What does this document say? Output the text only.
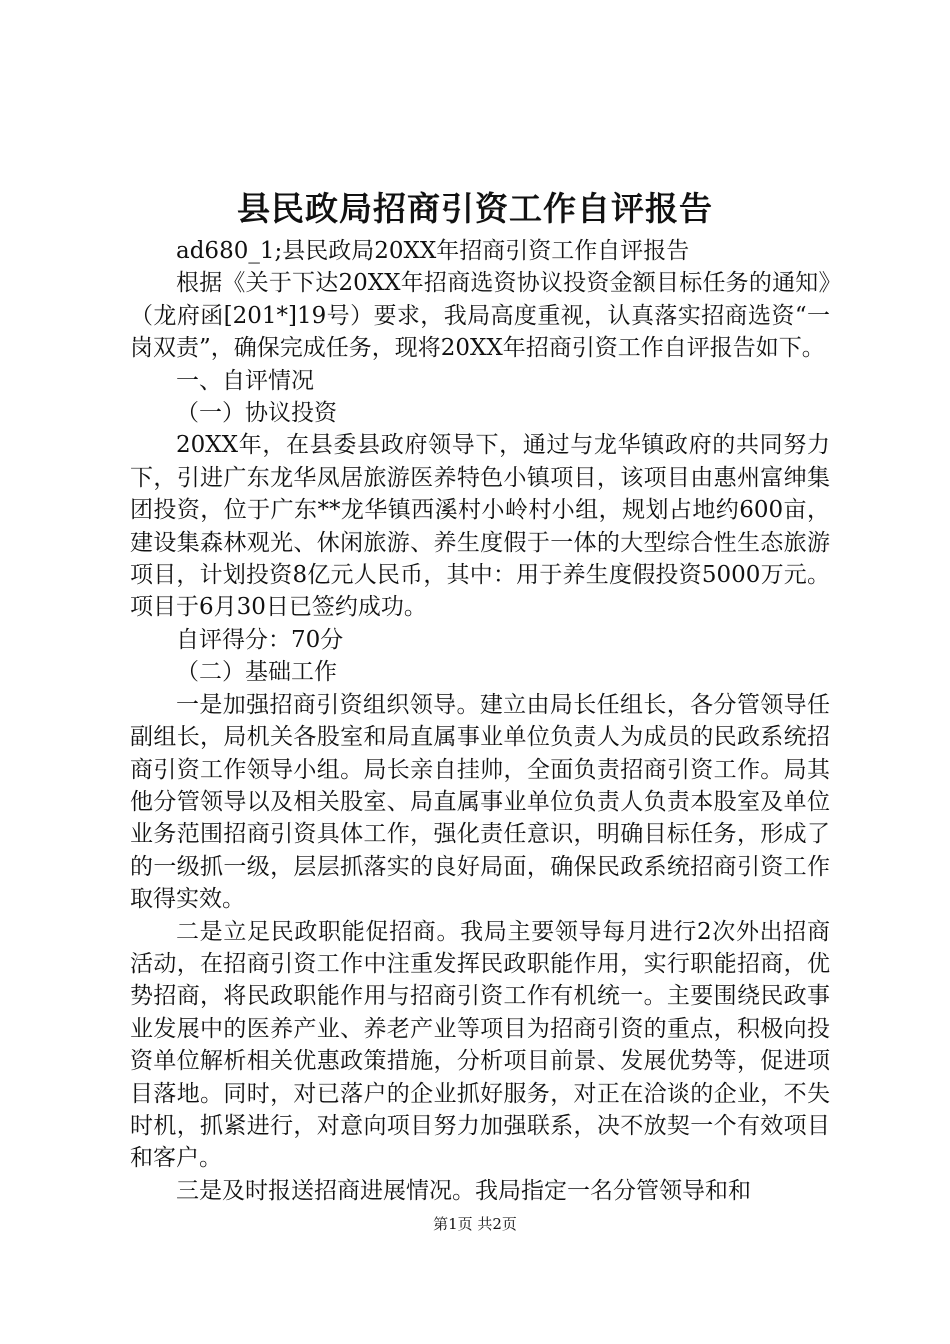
县民政局招商引资工作自评报告

ad680_1;县民政局20XX年招商引资工作自评报告

根据《关于下达20XX年招商选资协议投资金额目标任务的通知》（龙府函[201*]19号）要求，我局高度重视，认真落实招商选资“一岗双责”，确保完成任务，现将20XX年招商引资工作自评报告如下。

一、自评情况

（一）协议投资

20XX年，在县委县政府领导下，通过与龙华镇政府的共同努力下，引进广东龙华凤居旅游医养特色小镇项目，该项目由惠州富绅集团投资，位于广东**龙华镇西溪村小岭村小组，规划占地约600亩，建设集森林观光、休闲旅游、养生度假于一体的大型综合性生态旅游项目，计划投资8亿元人民币，其中：用于养生度假投资5000万元。项目于6月30日已签约成功。

自评得分：70分

（二）基础工作

一是加强招商引资组织领导。建立由局长任组长，各分管领导任副组长，局机关各股室和局直属事业单位负责人为成员的民政系统招商引资工作领导小组。局长亲自挂帅，全面负责招商引资工作。局其他分管领导以及相关股室、局直属事业单位负责人负责本股室及单位业务范围招商引资具体工作，强化责任意识，明确目标任务，形成了的一级抓一级，层层抓落实的良好局面，确保民政系统招商引资工作取得实效。

二是立足民政职能促招商。我局主要领导每月进行2次外出招商活动，在招商引资工作中注重发挥民政职能作用，实行职能招商，优势招商，将民政职能作用与招商引资工作有机统一。主要围绕民政事业发展中的医养产业、养老产业等项目为招商引资的重点，积极向投资单位解析相关优惠政策措施，分析项目前景、发展优势等，促进项目落地。同时，对已落户的企业抓好服务，对正在洽谈的企业，不失时机，抓紧进行，对意向项目努力加强联系，决不放契一个有效项目和客户。

三是及时报送招商进展情况。我局指定一名分管领导和和

第1页 共2页
